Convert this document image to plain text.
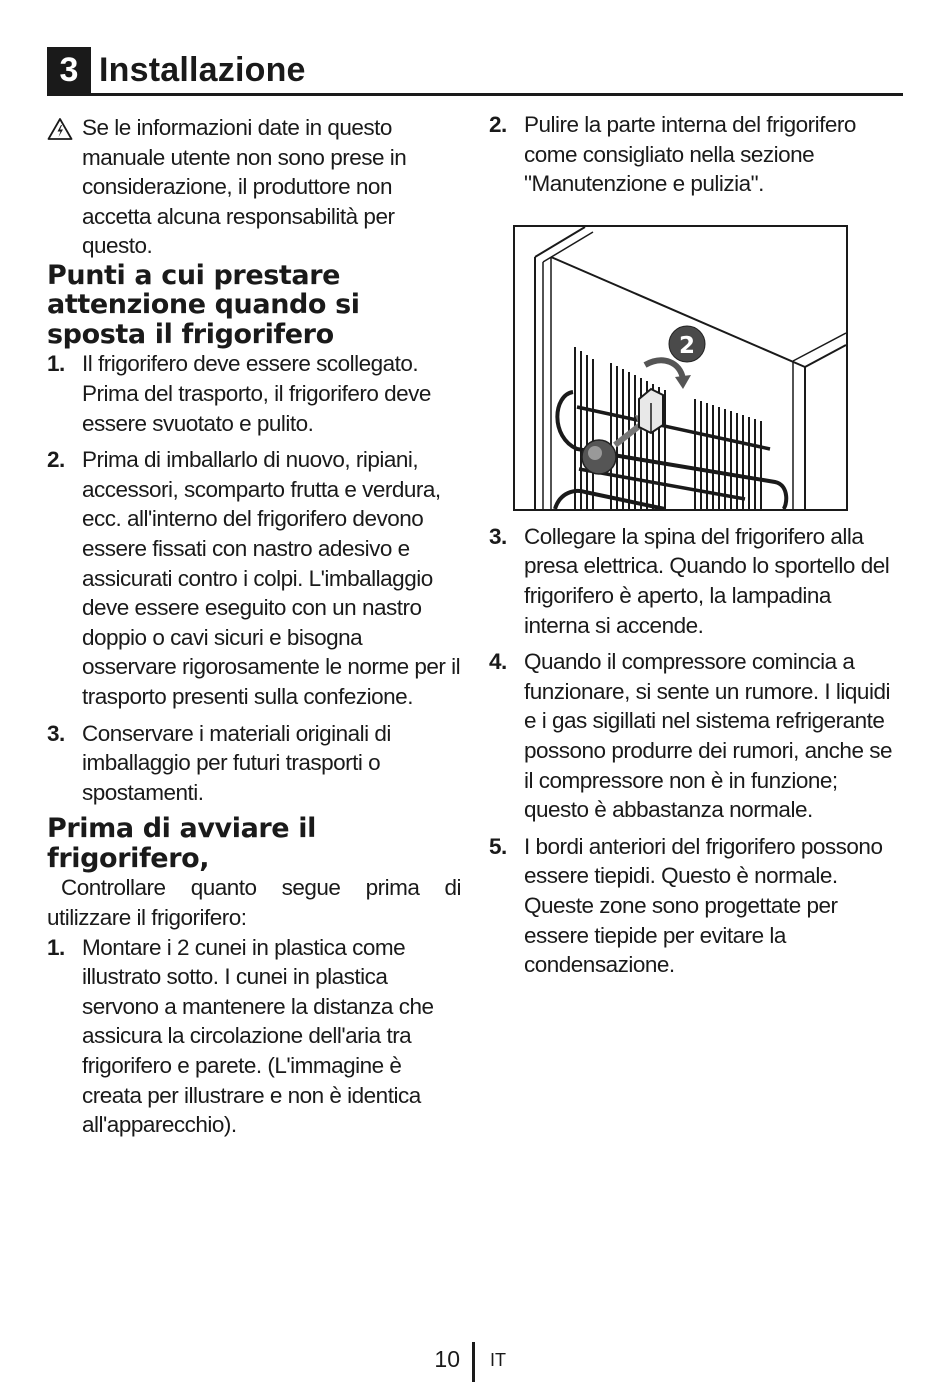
3 Installazione
Se le informazioni date in questo manuale utente non sono prese in considerazione, il produttore non accetta alcuna responsabilità per questo.
Punti a cui prestare attenzione quando si sposta il frigorifero
1. Il frigorifero deve essere scollegato. Prima del trasporto, il frigorifero deve essere svuotato e pulito.
2. Prima di imballarlo di nuovo, ripiani, accessori, scomparto frutta e verdura, ecc. all'interno del frigorifero devono essere fissati con nastro adesivo e assicurati contro i colpi. L'imballaggio deve essere eseguito con un nastro doppio o cavi sicuri e bisogna osservare rigorosamente le norme per il trasporto presenti sulla confezione.
3. Conservare i materiali originali di imballaggio per futuri trasporti o spostamenti.
Prima di avviare il frigorifero,

Controllare quanto segue prima di utilizzare il frigorifero:

1. Montare i 2 cunei in plastica come illustrato sotto. I cunei in plastica servono a mantenere la distanza che assicura la circolazione dell'aria tra frigorifero e parete. (L'immagine è creata per illustrare e non è identica all'apparecchio).
2. Pulire la parte interna del frigorifero come consigliato nella sezione "Manutenzione e pulizia".
2
3. Collegare la spina del frigorifero alla presa elettrica. Quando lo sportello del frigorifero è aperto, la lampadina interna si accende.
4. Quando il compressore comincia a funzionare, si sente un rumore. I liquidi e i gas sigillati nel sistema refrigerante possono produrre dei rumori, anche se il compressore non è in funzione; questo è abbastanza normale.
5. I bordi anteriori del frigorifero possono essere tiepidi. Questo è normale. Queste zone sono progettate per essere tiepide per evitare la condensazione.
10 IT
